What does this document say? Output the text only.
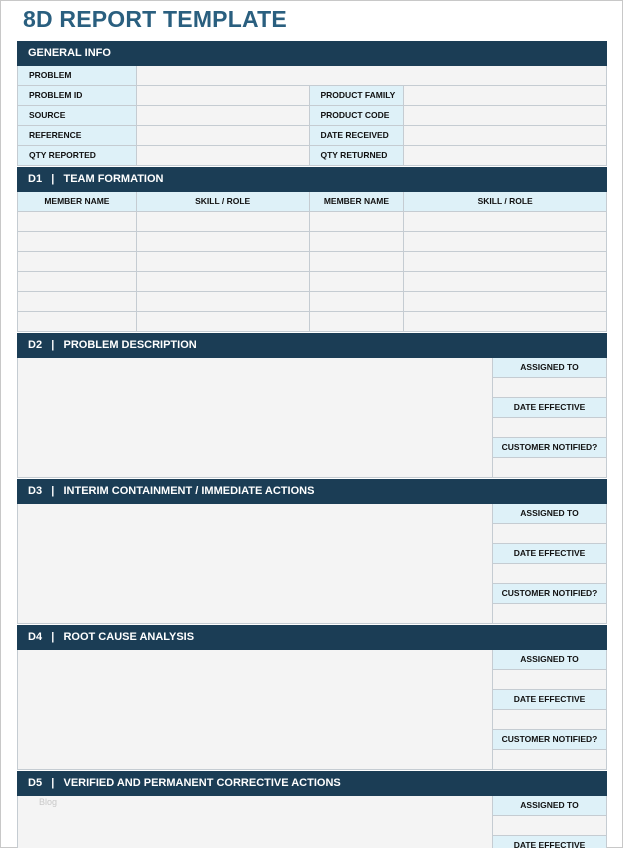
8D REPORT TEMPLATE
GENERAL INFO
PROBLEM
PROBLEM ID	PRODUCT FAMILY
SOURCE	PRODUCT CODE
REFERENCE	DATE RECEIVED
QTY REPORTED	QTY RETURNED
D1   |   TEAM FORMATION
MEMBER NAME	SKILL / ROLE	MEMBER NAME	SKILL / ROLE
D2   |   PROBLEM DESCRIPTION
ASSIGNED TO
DATE EFFECTIVE
CUSTOMER NOTIFIED?
D3   |   INTERIM CONTAINMENT / IMMEDIATE ACTIONS
ASSIGNED TO
DATE EFFECTIVE
CUSTOMER NOTIFIED?
D4   |   ROOT CAUSE ANALYSIS
ASSIGNED TO
DATE EFFECTIVE
CUSTOMER NOTIFIED?
D5   |   VERIFIED AND PERMANENT CORRECTIVE ACTIONS
ASSIGNED TO
DATE EFFECTIVE
Blog
